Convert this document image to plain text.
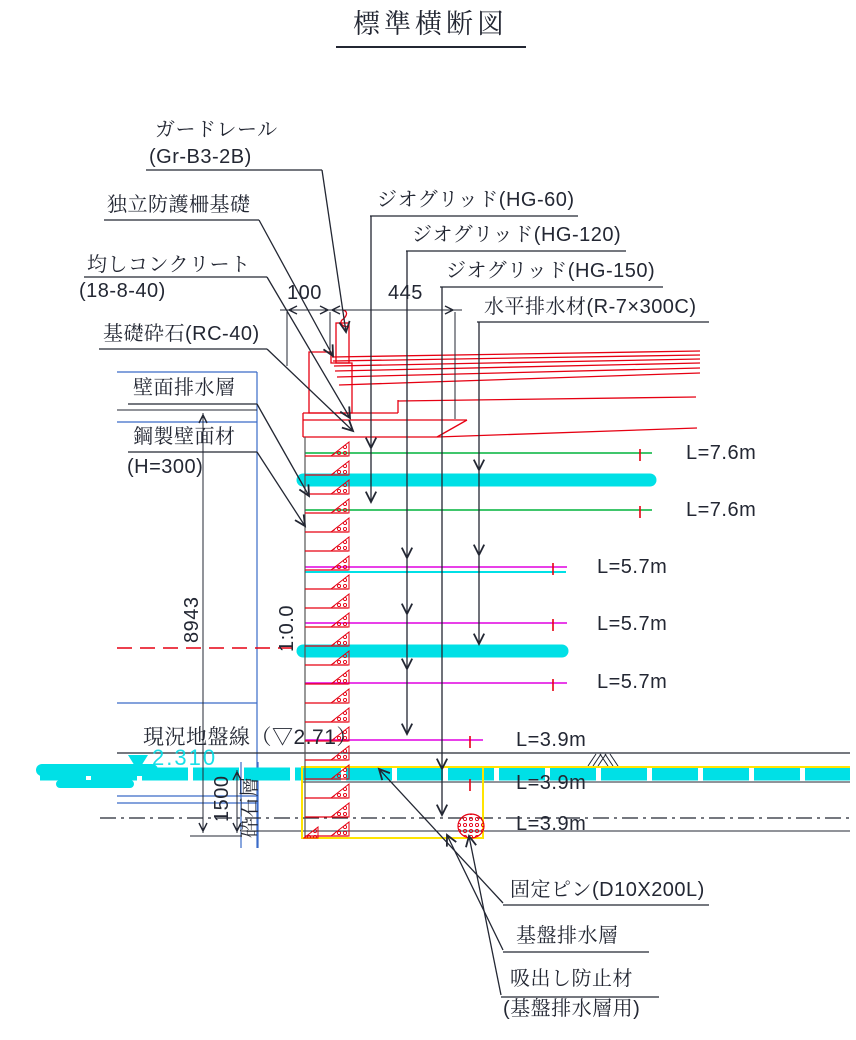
標準横断図
ガードレール
(Gr-B3-2B)
独立防護柵基礎
均しコンクリート
(18-8-40)
基礎砕石(RC-40)
壁面排水層
鋼製壁面材
(H=300)
ジオグリッド(HG-60)
ジオグリッド(HG-120)
ジオグリッド(HG-150)
水平排水材(R-7×300C)
L=7.6m
L=7.6m
L=5.7m
L=5.7m
L=5.7m
L=3.9m
L=3.9m
L=3.9m
固定ピン(D10X200L)
基盤排水層
吸出し防止材
(基盤排水層用)
100	445
8943
1500
1:0.0
砕石層
現況地盤線（▽2.71）
2.310
